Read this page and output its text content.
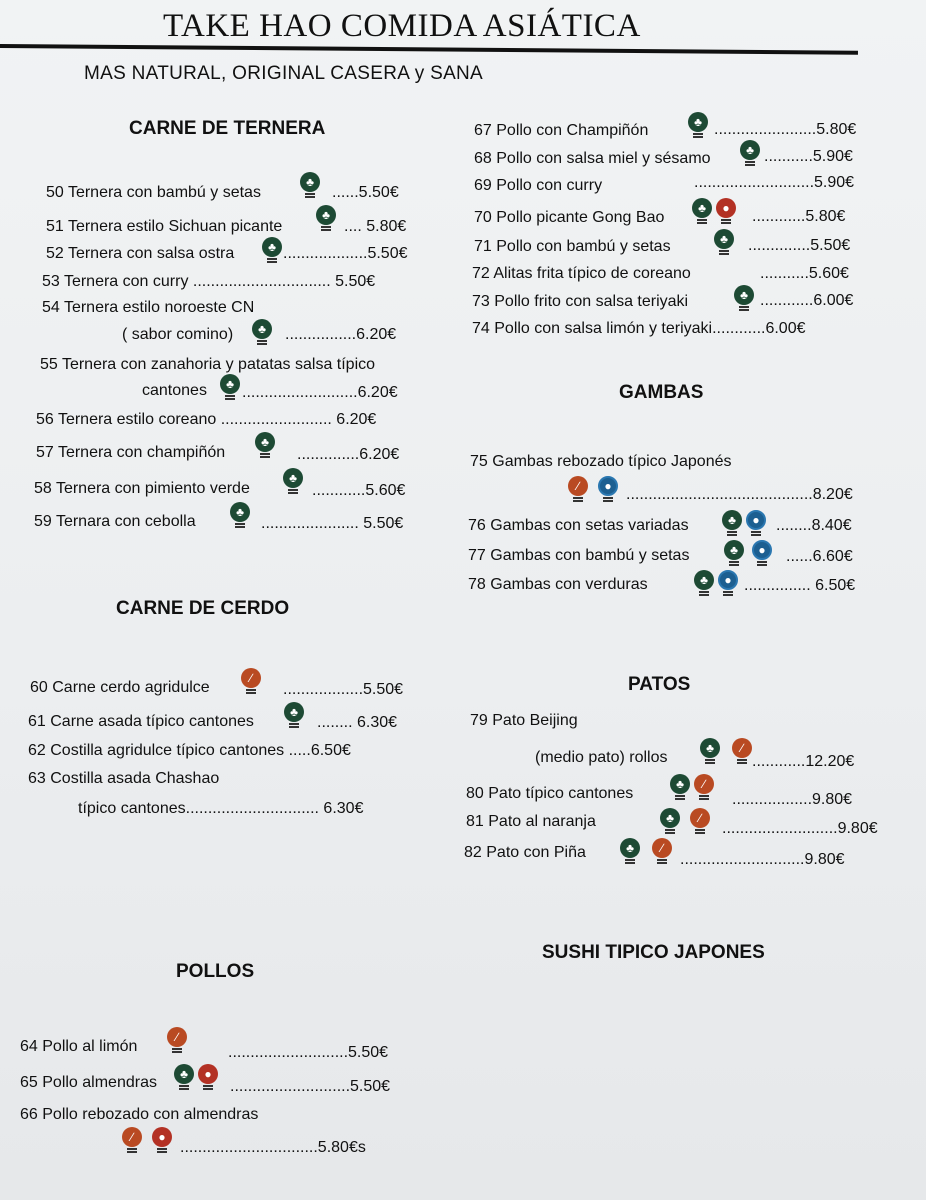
TAKE HAO COMIDA ASIÁTICA
MAS NATURAL, ORIGINAL CASERA y SANA
CARNE DE TERNERA
50 Ternera con bambú y setas
♣
......5.50€
51 Ternera estilo Sichuan picante
♣
.... 5.80€
52 Ternera con salsa ostra	♣ ...................5.50€
53 Ternera con curry ............................... 5.50€
54 Ternera estilo noroeste CN
( sabor comino)	♣	................6.20€
55 Ternera con zanahoria y patatas salsa típico
cantones	♣ ..........................6.20€
56 Ternera estilo coreano ......................... 6.20€
57 Ternera con champiñón
♣
..............6.20€
58 Ternera con pimiento verde
♣
............5.60€
59 Ternara con cebolla
♣
...................... 5.50€
CARNE DE CERDO
60 Carne cerdo agridulce
∕
..................5.50€
61 Carne asada típico cantones
♣
........ 6.30€
62 Costilla agridulce típico cantones .....6.50€
63 Costilla asada Chashao
típico cantones.............................. 6.30€
POLLOS
64 Pollo al limón
∕
...........................5.50€
65 Pollo almendras	♣	●
...........................5.50€
66 Pollo rebozado con almendras
∕	●
...............................5.80€s
67 Pollo con Champiñón	♣ .......................5.80€
68 Pollo con salsa miel y sésamo	♣ ...........5.90€
69 Pollo con curry	...........................5.90€
70 Pollo picante Gong Bao
♣	●	............5.80€
71 Pollo con bambú y setas	♣	..............5.50€
72 Alitas frita típico de coreano	...........5.60€
73 Pollo frito con salsa teriyaki	♣ ............6.00€
74 Pollo con salsa limón y teriyaki............6.00€
GAMBAS
75 Gambas rebozado típico Japonés
∕	● ..........................................8.20€
76 Gambas con setas variadas	♣	●	........8.40€
77 Gambas con bambú y setas	♣	●	......6.60€
78 Gambas con verduras	♣	● ............... 6.50€
PATOS
79 Pato Beijing
(medio pato) rollos
♣	∕
............12.20€
80 Pato típico cantones
♣	∕
..................9.80€
81 Pato al naranja	♣	∕
..........................9.80€
82 Pato con Piña	♣	∕
............................9.80€
SUSHI TIPICO JAPONES
